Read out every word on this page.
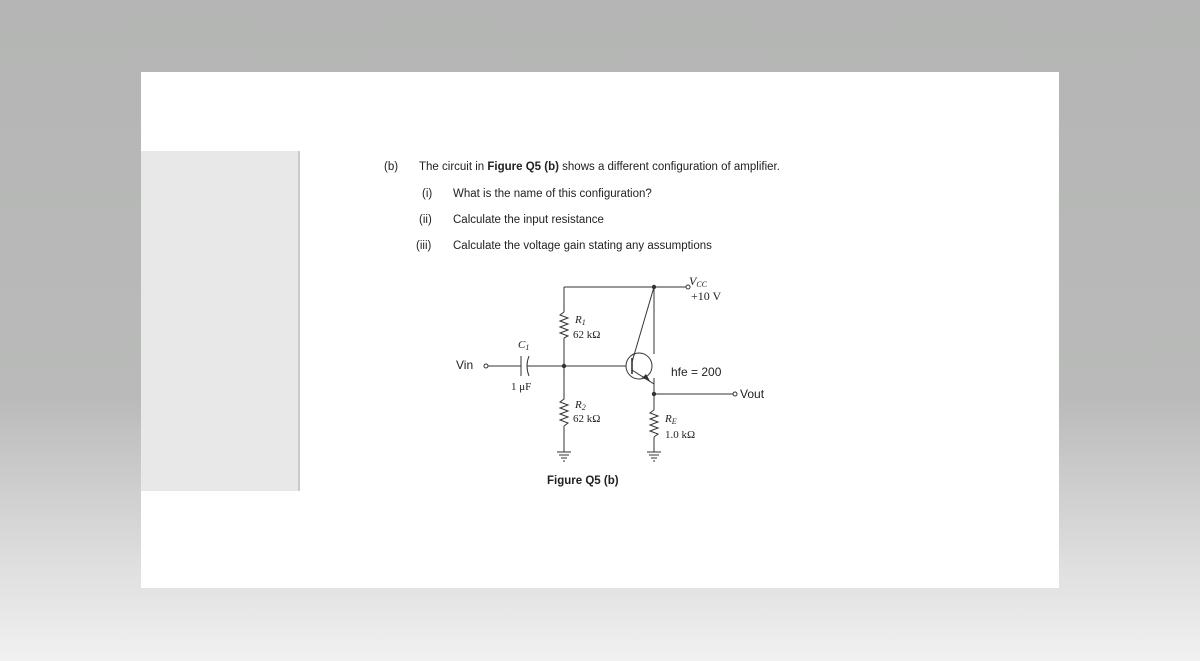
(b) The circuit in Figure Q5 (b) shows a different configuration of amplifier.
(i) What is the name of this configuration?
(ii) Calculate the input resistance
(iii) Calculate the voltage gain stating any assumptions
VCC
+10 V
R1
62 kΩ
R2
62 kΩ	RE
1.0 kΩ
C1
1 μF
Vin
Vout
hfe = 200
Figure Q5 (b)
